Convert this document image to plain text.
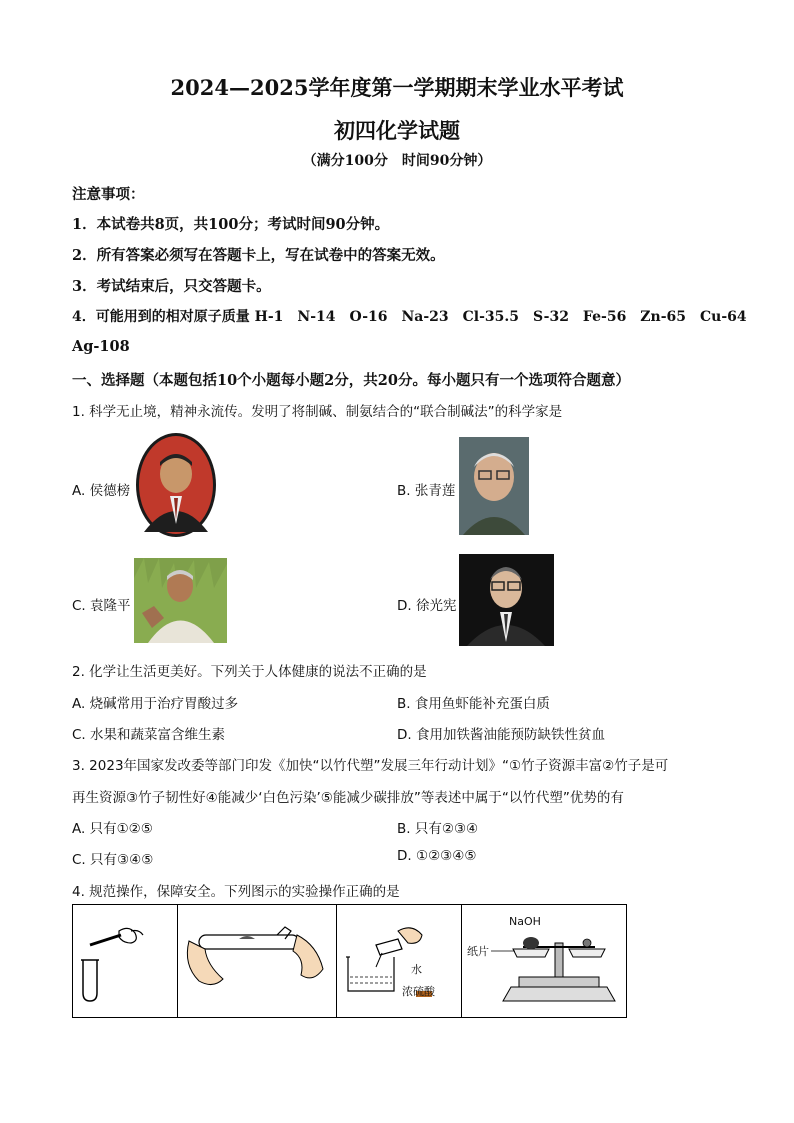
2024—2025学年度第一学期期末学业水平考试
初四化学试题
（满分100分　时间90分钟）
注意事项：
1．本试卷共8页，共100分；考试时间90分钟。
2．所有答案必须写在答题卡上，写在试卷中的答案无效。
3．考试结束后，只交答题卡。
4．可能用到的相对原子质量 H-1　N-14　O-16　Na-23　Cl-35.5　S-32　Fe-56　Zn-65　Cu-64
Ag-108
一、选择题（本题包括10个小题每小题2分，共20分。每小题只有一个选项符合题意）
1. 科学无止境，精神永流传。发明了将制碱、制氨结合的“联合制碱法”的科学家是
A. 侯德榜	B. 张青莲
C. 袁隆平	D. 徐光宪
2. 化学让生活更美好。下列关于人体健康的说法不正确的是
A. 烧碱常用于治疗胃酸过多	B. 食用鱼虾能补充蛋白质
C. 水果和蔬菜富含维生素	D. 食用加铁酱油能预防缺铁性贫血
3. 2023年国家发改委等部门印发《加快“以竹代塑”发展三年行动计划》“①竹子资源丰富②竹子是可
再生资源③竹子韧性好④能减少‘白色污染’⑤能减少碳排放”等表述中属于“以竹代塑”优势的有
A. 只有①②⑤	B. 只有②③④
C. 只有③④⑤	D. ①②③④⑤
4. 规范操作，保障安全。下列图示的实验操作正确的是
水
浓硫酸
NaOH
纸片
